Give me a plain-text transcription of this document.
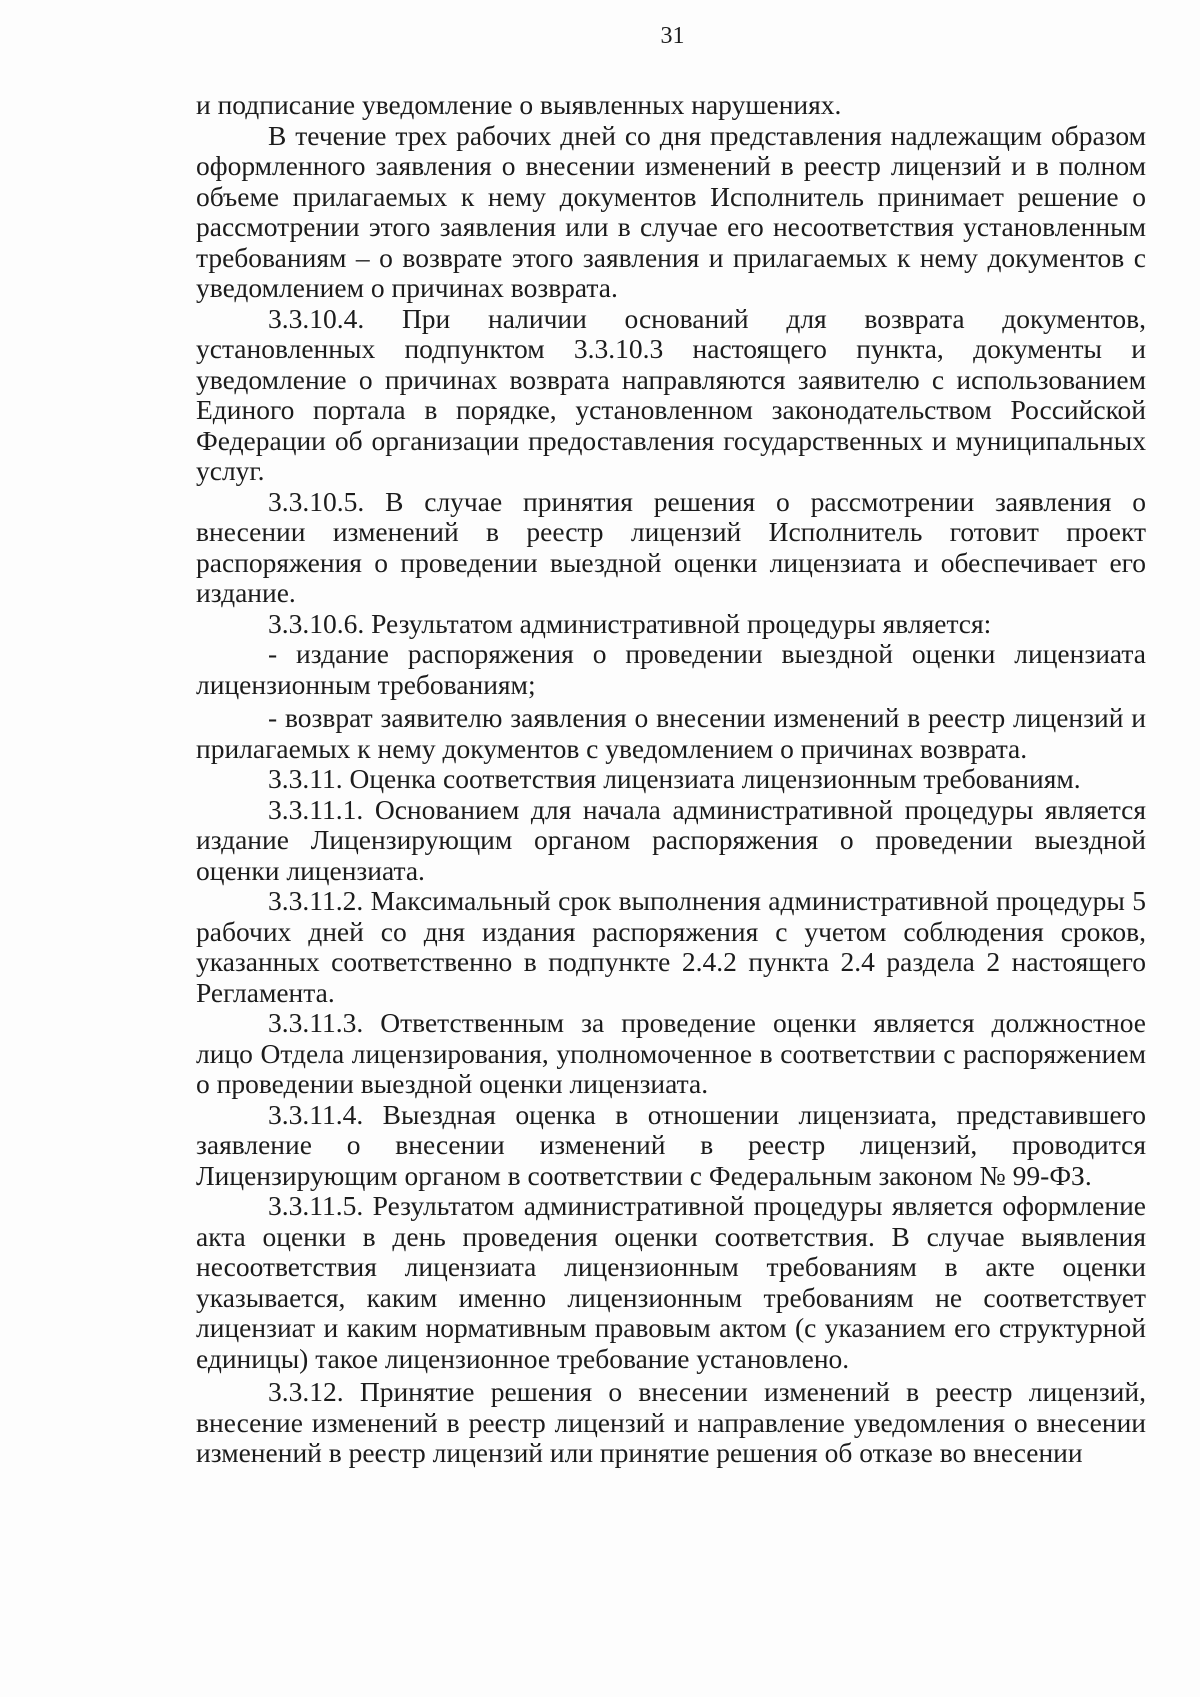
31

и подписание уведомление о выявленных нарушениях.

В течение трех рабочих дней со дня представления надлежащим образом оформленного заявления о внесении изменений в реестр лицензий и в полном объеме прилагаемых к нему документов Исполнитель принимает решение о рассмотрении этого заявления или в случае его несоответствия установленным требованиям – о возврате этого заявления и прилагаемых к нему документов с уведомлением о причинах возврата.

3.3.10.4. При наличии оснований для возврата документов, установленных подпунктом 3.3.10.3 настоящего пункта, документы и уведомление о причинах возврата направляются заявителю с использованием Единого портала в порядке, установленном законодательством Российской Федерации об организации предоставления государственных и муниципальных услуг.

3.3.10.5. В случае принятия решения о рассмотрении заявления о внесении изменений в реестр лицензий Исполнитель готовит проект распоряжения о проведении выездной оценки лицензиата и обеспечивает его издание.

3.3.10.6. Результатом административной процедуры является:

- издание распоряжения о проведении выездной оценки лицензиата лицензионным требованиям;

- возврат заявителю заявления о внесении изменений в реестр лицензий и прилагаемых к нему документов с уведомлением о причинах возврата.

3.3.11. Оценка соответствия лицензиата лицензионным требованиям.

3.3.11.1. Основанием для начала административной процедуры является издание Лицензирующим органом распоряжения о проведении выездной оценки лицензиата.

3.3.11.2. Максимальный срок выполнения административной процедуры 5 рабочих дней со дня издания распоряжения с учетом соблюдения сроков, указанных соответственно в подпункте 2.4.2 пункта 2.4 раздела 2 настоящего Регламента.

3.3.11.3. Ответственным за проведение оценки является должностное лицо Отдела лицензирования, уполномоченное в соответствии с распоряжением о проведении выездной оценки лицензиата.

3.3.11.4. Выездная оценка в отношении лицензиата, представившего заявление о внесении изменений в реестр лицензий, проводится Лицензирующим органом в соответствии с Федеральным законом № 99-ФЗ.

3.3.11.5. Результатом административной процедуры является оформление акта оценки в день проведения оценки соответствия. В случае выявления несоответствия лицензиата лицензионным требованиям в акте оценки указывается, каким именно лицензионным требованиям не соответствует лицензиат и каким нормативным правовым актом (с указанием его структурной единицы) такое лицензионное требование установлено.

3.3.12. Принятие решения о внесении изменений в реестр лицензий, внесение изменений в реестр лицензий и направление уведомления о внесении изменений в реестр лицензий или принятие решения об отказе во внесении
